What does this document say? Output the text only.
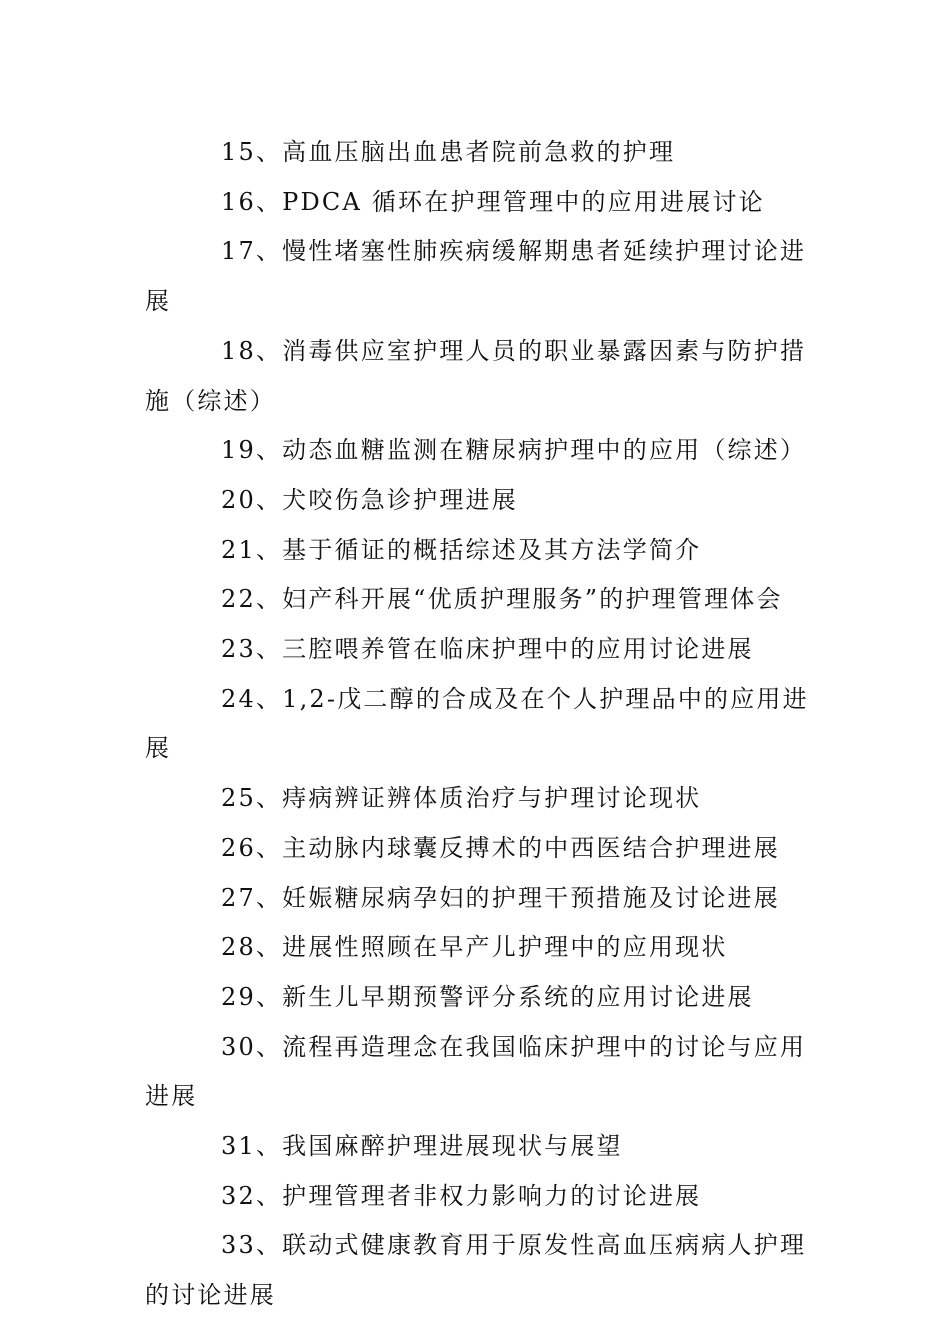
15、高血压脑出血患者院前急救的护理
16、PDCA 循环在护理管理中的应用进展讨论
17、慢性堵塞性肺疾病缓解期患者延续护理讨论进展
18、消毒供应室护理人员的职业暴露因素与防护措施（综述）
19、动态血糖监测在糖尿病护理中的应用（综述）
20、犬咬伤急诊护理进展
21、基于循证的概括综述及其方法学简介
22、妇产科开展“优质护理服务”的护理管理体会
23、三腔喂养管在临床护理中的应用讨论进展
24、1,2-戊二醇的合成及在个人护理品中的应用进展
25、痔病辨证辨体质治疗与护理讨论现状
26、主动脉内球囊反搏术的中西医结合护理进展
27、妊娠糖尿病孕妇的护理干预措施及讨论进展
28、进展性照顾在早产儿护理中的应用现状
29、新生儿早期预警评分系统的应用讨论进展
30、流程再造理念在我国临床护理中的讨论与应用进展
31、我国麻醉护理进展现状与展望
32、护理管理者非权力影响力的讨论进展
33、联动式健康教育用于原发性高血压病病人护理的讨论进展
